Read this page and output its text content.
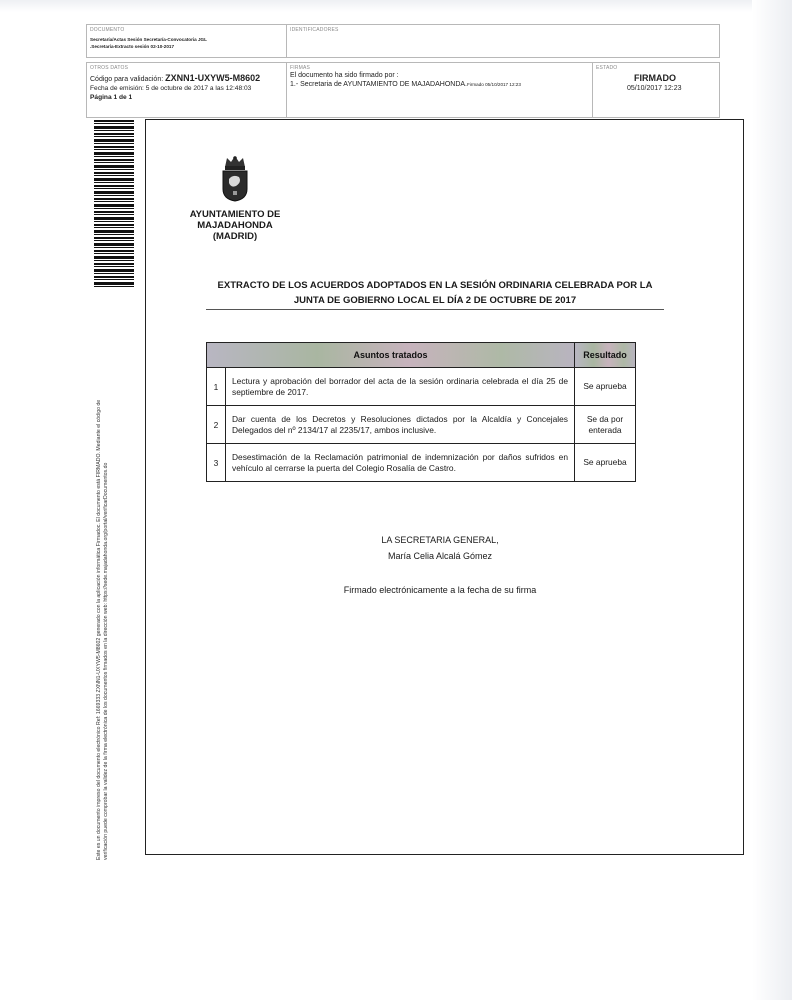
DOCUMENTO
Secretaría/Actas Sesión Secretaría-Convocatoria JGL
.Secretaría-Extracto sesión 02-10-2017
IDENTIFICADORES
OTROS DATOS
Código para validación: ZXNN1-UXYW5-M8602
Fecha de emisión: 5 de octubre de 2017 a las 12:48:03
Página 1 de 1
FIRMAS
El documento ha sido firmado por :
1.- Secretaria de AYUNTAMIENTO DE MAJADAHONDA.Firmado 05/10/2017 12:23
ESTADO
FIRMADO
05/10/2017 12:23
Este es un documento impreso del documento electrónico Ref: 1669333 ZXNN1-UXYW5-M8602 generado con la aplicación informática Firmadoc. El documento está FIRMADO. Mediante el código de verificación puede comprobar la validez de la firma electrónica de los documentos firmados en la dirección web: https://sede.majadahonda.org/portal/verificarDocumentos.do
AYUNTAMIENTO DE
MAJADAHONDA
(MADRID)
EXTRACTO DE LOS ACUERDOS ADOPTADOS EN LA SESIÓN ORDINARIA CELEBRADA POR LA
JUNTA DE GOBIERNO LOCAL EL DÍA 2 DE OCTUBRE DE 2017
Asuntos tratados		Resultado
1	Lectura y aprobación del borrador del acta de la sesión ordinaria celebrada el día 25 de septiembre de 2017.	Se aprueba
2	Dar cuenta de los Decretos y Resoluciones dictados por la Alcaldía y Concejales Delegados del nº 2134/17 al 2235/17, ambos inclusive.	Se da por enterada
3	Desestimación de la Reclamación patrimonial de indemnización por daños sufridos en vehículo al cerrarse la puerta del Colegio Rosalía de Castro.	Se aprueba
LA SECRETARIA GENERAL,
María Celia Alcalá Gómez
Firmado electrónicamente a la fecha de su firma
